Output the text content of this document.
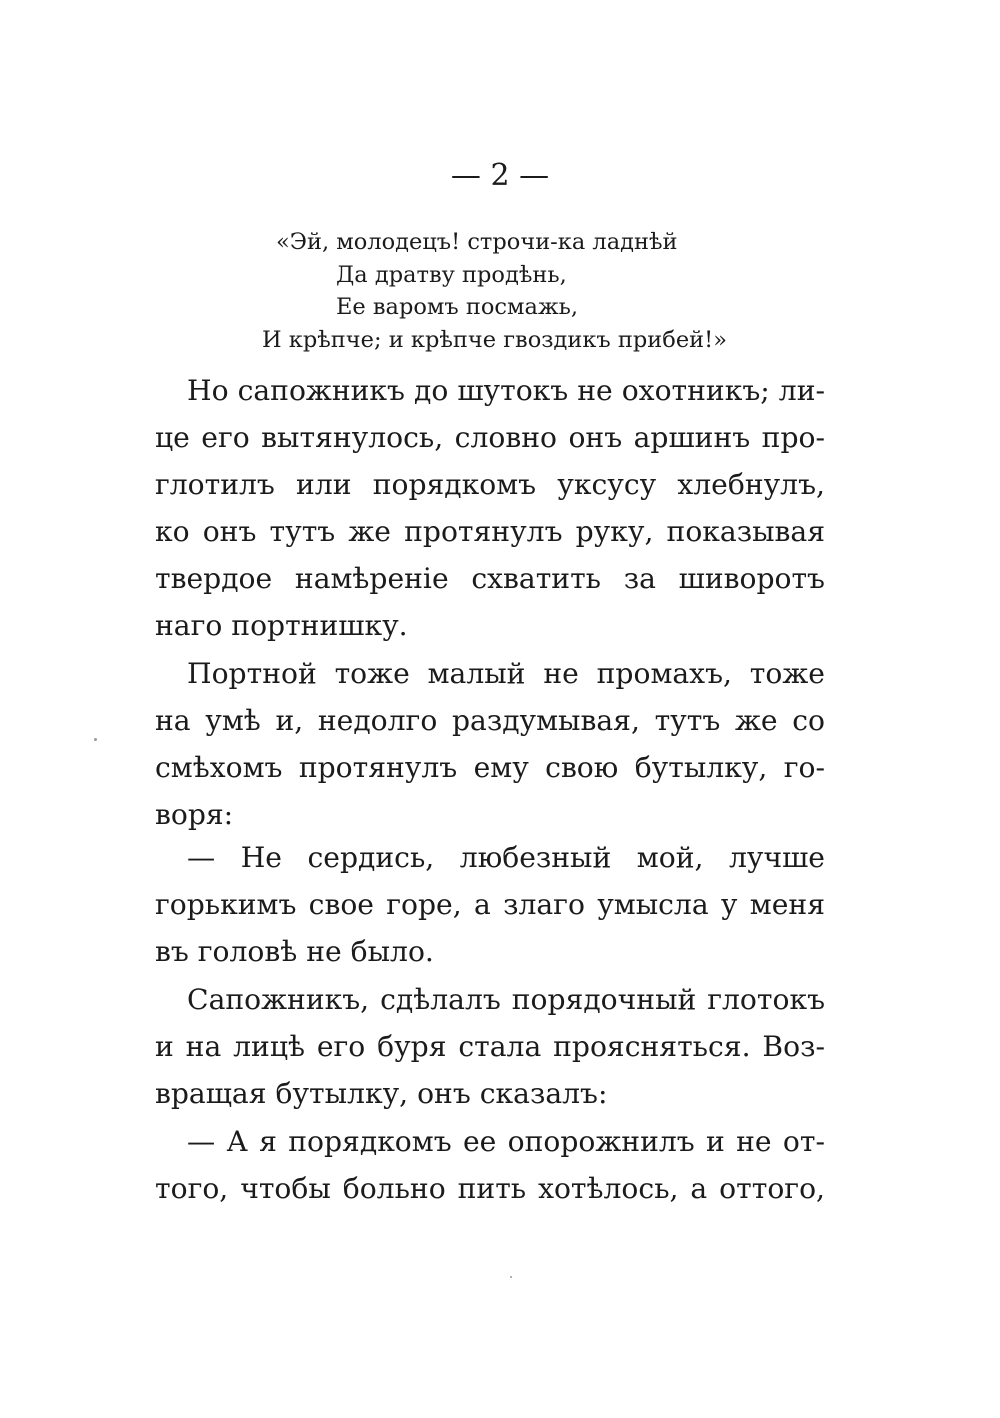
— 2 —
«Эй, молодецъ! строчи-ка ладнѣй
Да дратву продѣнь,
Ее варомъ посмажь,
И крѣпче; и крѣпче гвоздикъ прибей!»
Но сапожникъ до шутокъ не охотникъ; ли-
це его вытянулось, словно онъ аршинъ про-
глотилъ или порядкомъ уксусу хлебнулъ,
ко онъ тутъ же протянулъ руку, показывая
твердое намѣреніе схватить за шиворотъ
наго портнишку.
Портной тоже малый не промахъ, тоже
на умѣ и, недолго раздумывая, тутъ же со
смѣхомъ протянулъ ему свою бутылку, го-
воря:
— Не сердись, любезный мой, лучше
горькимъ свое горе, а злаго умысла у меня
въ головѣ не было.
Сапожникъ, сдѣлалъ порядочный глотокъ
и на лицѣ его буря стала проясняться. Воз-
вращая бутылку, онъ сказалъ:
— А я порядкомъ ее опорожнилъ и не от-
того, чтобы больно пить хотѣлось, а оттого,
